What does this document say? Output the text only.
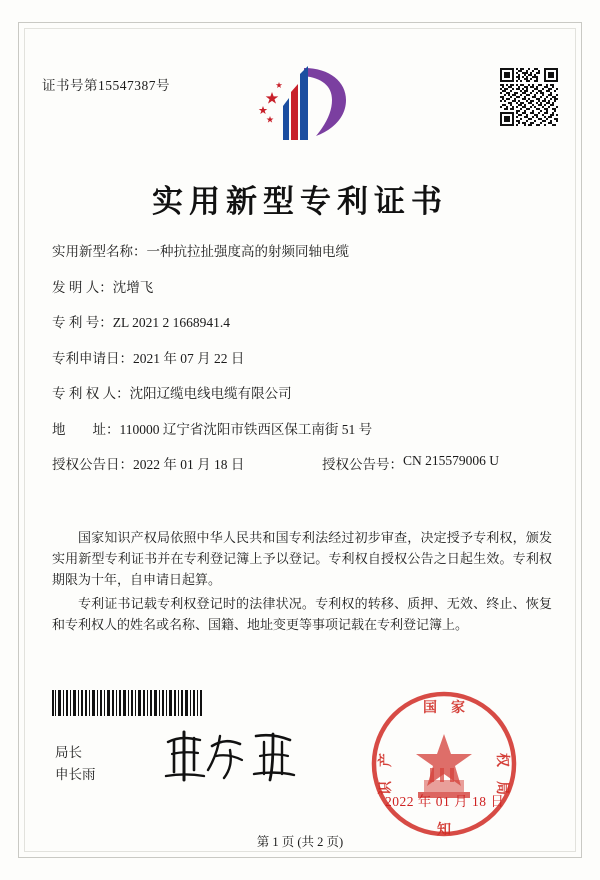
证书号第15547387号
实用新型专利证书
实用新型名称： 一种抗拉扯强度高的射频同轴电缆
发 明 人： 沈增飞
专 利 号： ZL 2021 2 1668941.4
专利申请日： 2021 年 07 月 22 日
专 利 权 人： 沈阳辽缆电线电缆有限公司
地        址： 110000 辽宁省沈阳市铁西区保工南街 51 号
授权公告日： 2022 年 01 月 18 日	授权公告号： CN 215579006 U

国家知识产权局依照中华人民共和国专利法经过初步审查，决定授予专利权，颁发实用新型专利证书并在专利登记簿上予以登记。专利权自授权公告之日起生效。专利权期限为十年，自申请日起算。

专利证书记载专利权登记时的法律状况。专利权的转移、质押、无效、终止、恢复和专利权人的姓名或名称、国籍、地址变更等事项记载在专利登记簿上。

局长
申长雨
国　家
识　产	权　局
知
2022 年 01 月 18 日
第 1 页 (共 2 页)
